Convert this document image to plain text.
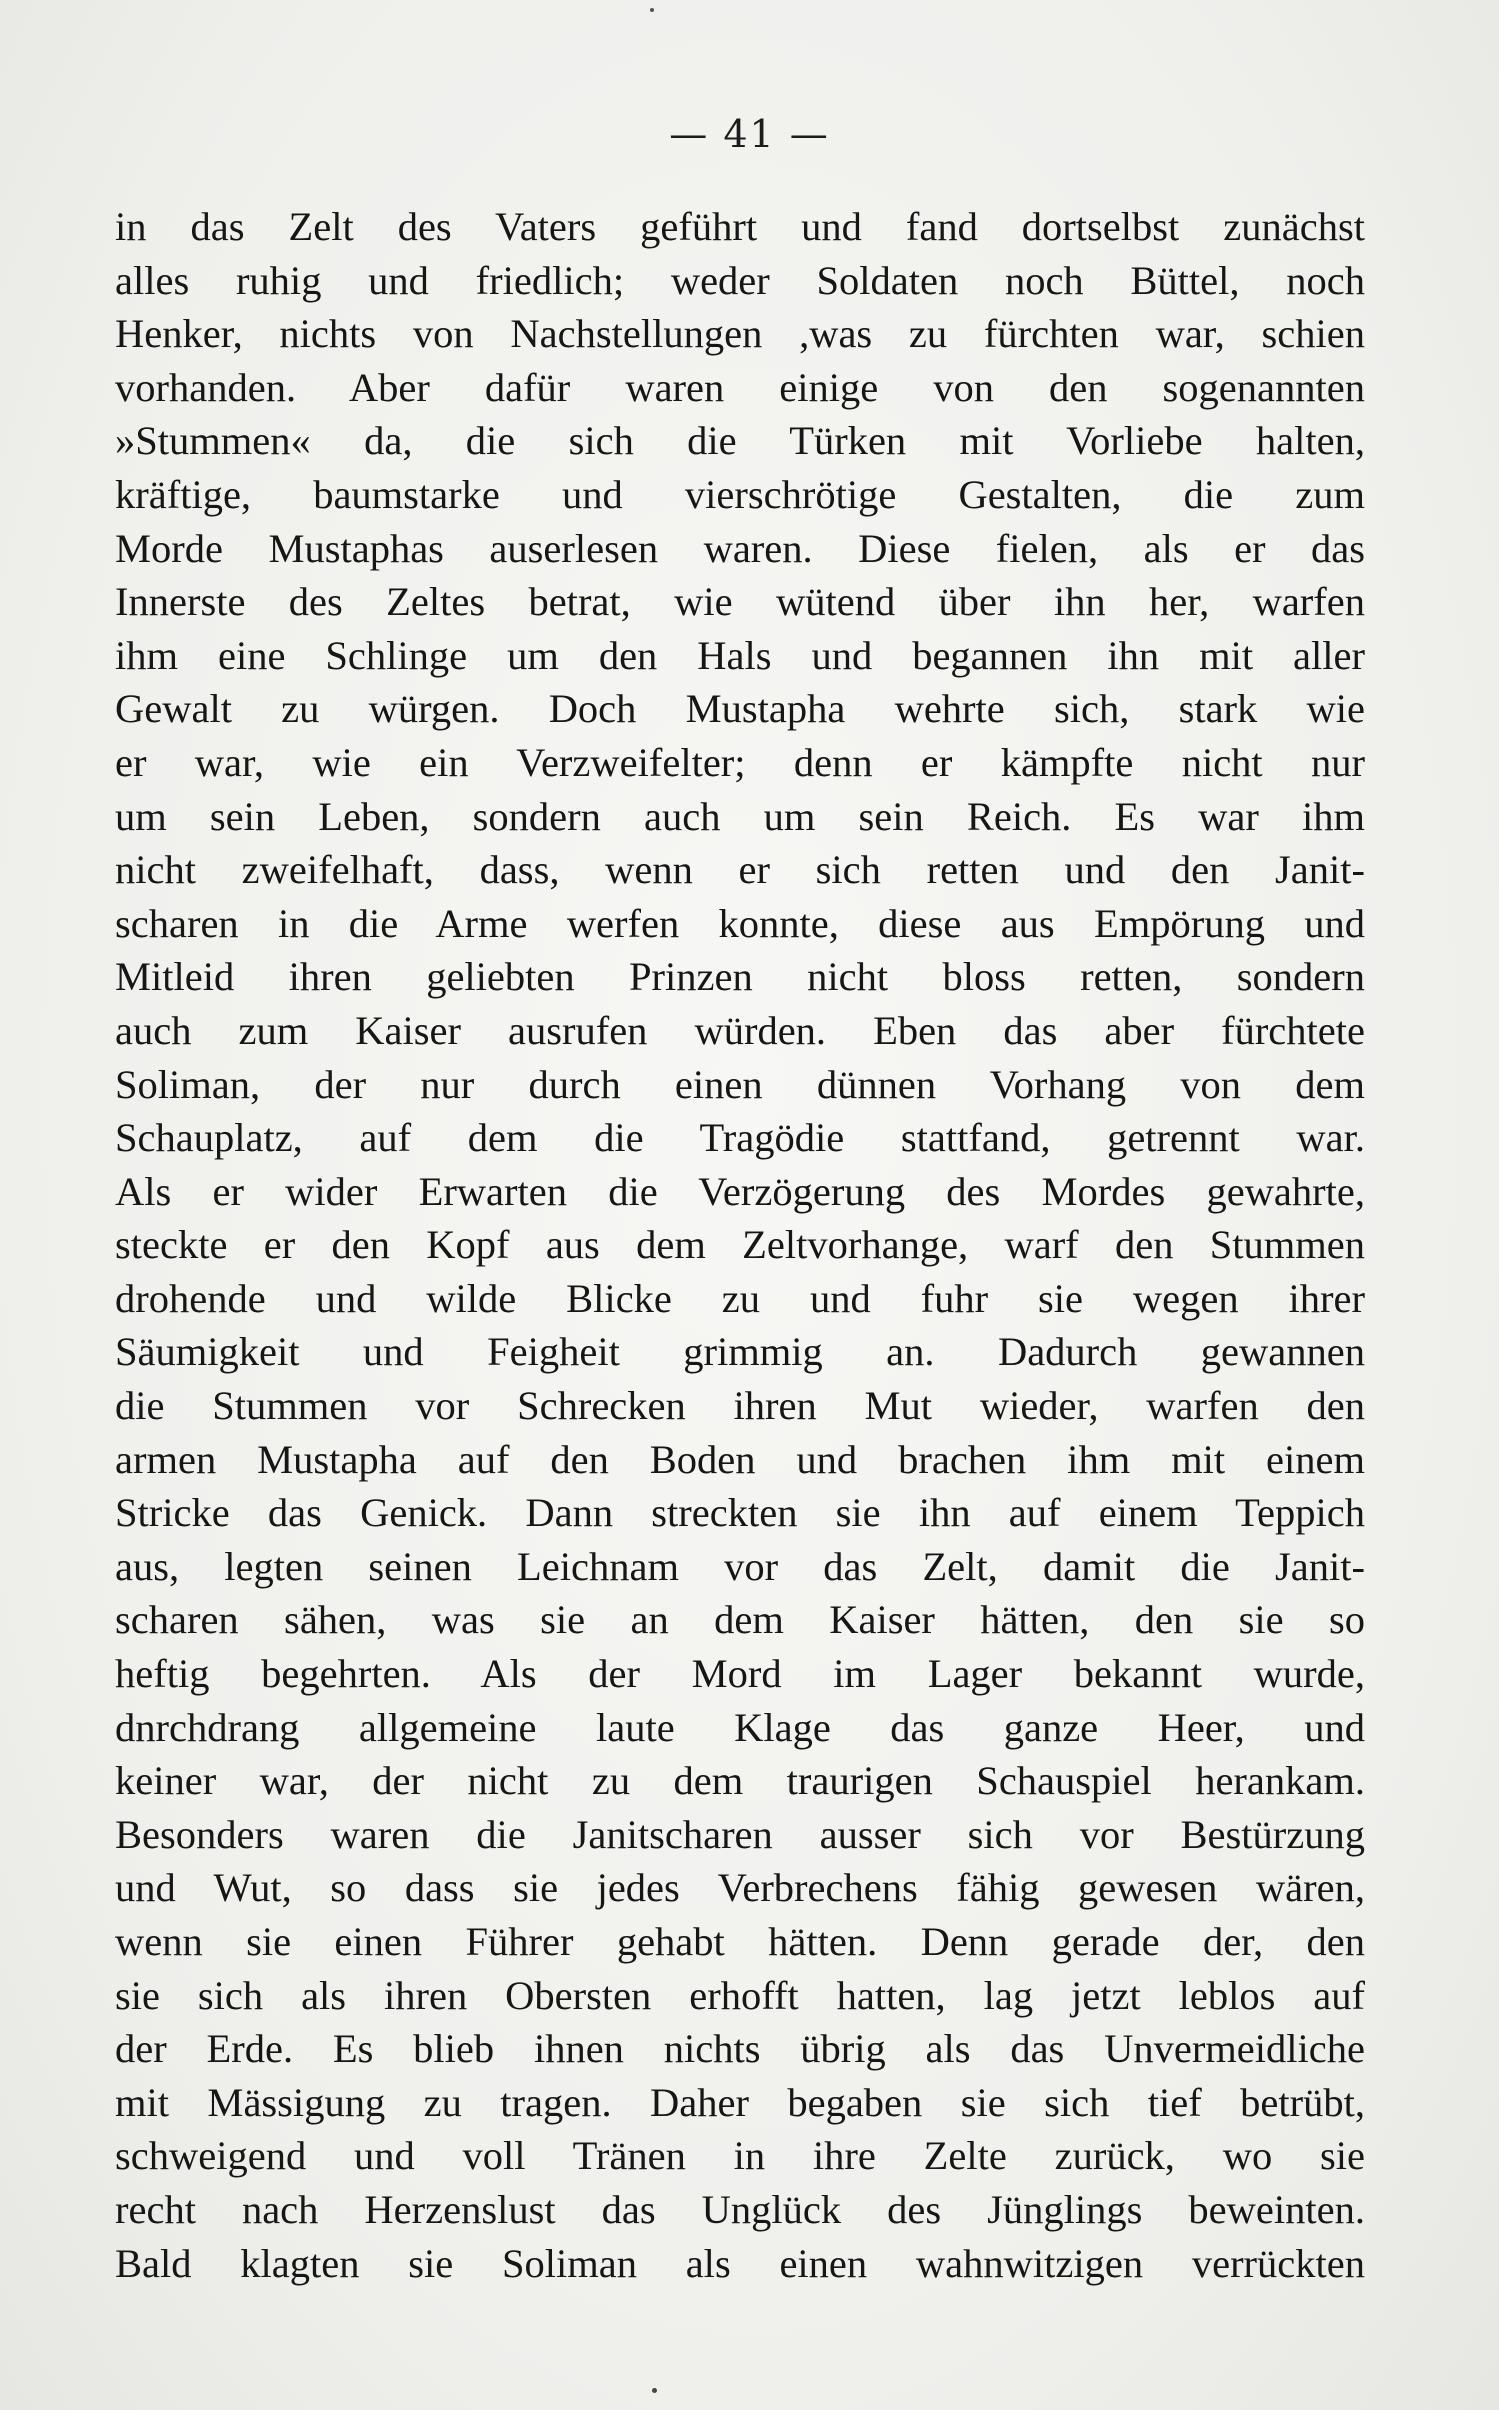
— 41 —
in das Zelt des Vaters geführt und fand dortselbst zunächst
alles ruhig und friedlich; weder Soldaten noch Büttel, noch
Henker, nichts von Nachstellungen ,was zu fürchten war, schien
vorhanden. Aber dafür waren einige von den sogenannten
»Stummen« da, die sich die Türken mit Vorliebe halten,
kräftige, baumstarke und vierschrötige Gestalten, die zum
Morde Mustaphas auserlesen waren. Diese fielen, als er das
Innerste des Zeltes betrat, wie wütend über ihn her, warfen
ihm eine Schlinge um den Hals und begannen ihn mit aller
Gewalt zu würgen. Doch Mustapha wehrte sich, stark wie
er war, wie ein Verzweifelter; denn er kämpfte nicht nur
um sein Leben, sondern auch um sein Reich. Es war ihm
nicht zweifelhaft, dass, wenn er sich retten und den Janit-
scharen in die Arme werfen konnte, diese aus Empörung und
Mitleid ihren geliebten Prinzen nicht bloss retten, sondern
auch zum Kaiser ausrufen würden. Eben das aber fürchtete
Soliman, der nur durch einen dünnen Vorhang von dem
Schauplatz, auf dem die Tragödie stattfand, getrennt war.
Als er wider Erwarten die Verzögerung des Mordes gewahrte,
steckte er den Kopf aus dem Zeltvorhange, warf den Stummen
drohende und wilde Blicke zu und fuhr sie wegen ihrer
Säumigkeit und Feigheit grimmig an. Dadurch gewannen
die Stummen vor Schrecken ihren Mut wieder, warfen den
armen Mustapha auf den Boden und brachen ihm mit einem
Stricke das Genick. Dann streckten sie ihn auf einem Teppich
aus, legten seinen Leichnam vor das Zelt, damit die Janit-
scharen sähen, was sie an dem Kaiser hätten, den sie so
heftig begehrten. Als der Mord im Lager bekannt wurde,
dnrchdrang allgemeine laute Klage das ganze Heer, und
keiner war, der nicht zu dem traurigen Schauspiel herankam.
Besonders waren die Janitscharen ausser sich vor Bestürzung
und Wut, so dass sie jedes Verbrechens fähig gewesen wären,
wenn sie einen Führer gehabt hätten. Denn gerade der, den
sie sich als ihren Obersten erhofft hatten, lag jetzt leblos auf
der Erde. Es blieb ihnen nichts übrig als das Unvermeidliche
mit Mässigung zu tragen. Daher begaben sie sich tief betrübt,
schweigend und voll Tränen in ihre Zelte zurück, wo sie
recht nach Herzenslust das Unglück des Jünglings beweinten.
Bald klagten sie Soliman als einen wahnwitzigen verrückten
